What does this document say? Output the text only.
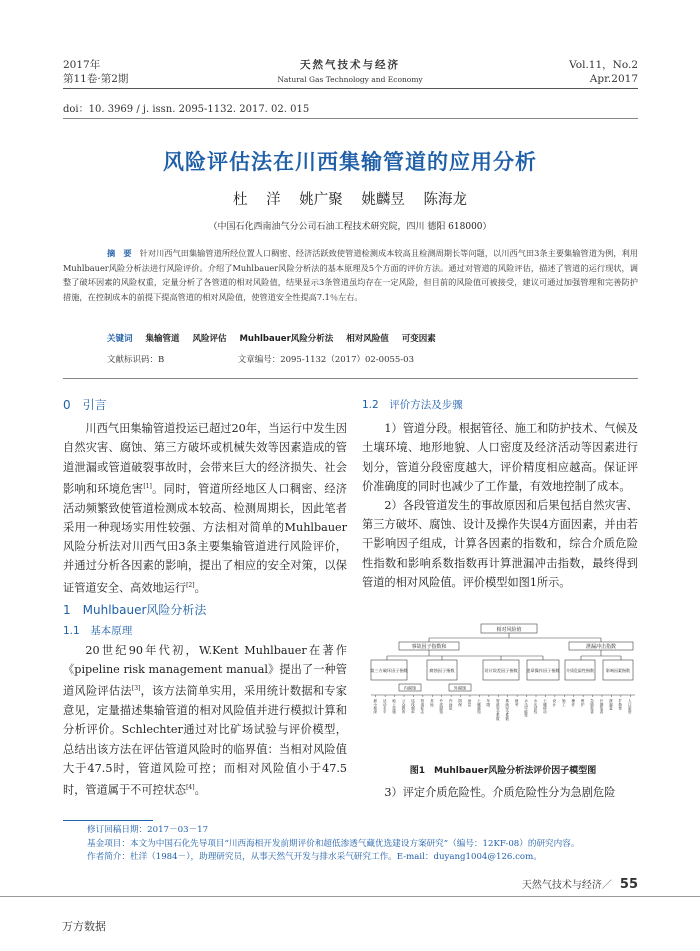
2017年
第11卷·第2期
天然气技术与经济
Natural Gas Technology and Economy
Vol.11，No.2
Apr.2017
doi：10. 3969 / j. issn. 2095-1132. 2017. 02. 015
风险评估法在川西集输管道的应用分析
杜 洋 姚广聚 姚麟昱 陈海龙
（中国石化西南油气分公司石油工程技术研究院，四川 德阳 618000）
摘　要 针对川西气田集输管道所经位置人口稠密、经济活跃致使管道检测成本较高且检测周期长等问题，以川西气田3条主要集输管道为例，利用Muhlbauer风险分析法进行风险评价。介绍了Muhlbauer风险分析法的基本原理及5个方面的评价方法。通过对管道的风险评估，描述了管道的运行现状，调整了破坏因素的风险权重，定量分析了各管道的相对风险值，结果显示3条管道虽均存在一定风险，但目前的风险值可被接受，建议可通过加强管理和完善防护措施，在控制成本的前提下提高管道的相对风险值，使管道安全性提高7.1％左右。
关键词 集输管道 风险评估 Muhlbauer风险分析法 相对风险值 可变因素
文献标识码：B	文章编号：2095-1132（2017）02-0055-03
0　引言

川西气田集输管道投运已超过20年，当运行中发生因自然灾害、腐蚀、第三方破坏或机械失效等因素造成的管道泄漏或管道破裂事故时，会带来巨大的经济损失、社会影响和环境危害[1]。同时，管道所经地区人口稠密、经济活动频繁致使管道检测成本较高、检测周期长，因此笔者采用一种现场实用性较强、方法相对简单的Muhlbauer风险分析法对川西气田3条主要集输管道进行风险评价，并通过分析各因素的影响，提出了相应的安全对策，以保证管道安全、高效地运行[2]。

1　Muhlbauer风险分析法
1.1　基本原理

20世纪90年代初，W.Kent Muhlbauer在著作《pipeline risk management manual》提出了一种管道风险评估法[3]，该方法简单实用，采用统计数据和专家意见，定量描述集输管道的相对风险值并进行模拟计算和分析评价。Schlechter通过对比矿场试验与评价模型，总结出该方法在评估管道风险时的临界值：当相对风险值大于47.5时，管道风险可控；而相对风险值小于47.5时，管道属于不可控状态[4]。

1.2　评价方法及步骤

1）管道分段。根据管径、施工和防护技术、气候及土壤环境、地形地貌、人口密度及经济活动等因素进行划分，管道分段密度越大，评价精度相应越高。保证评价准确度的同时也减少了工作量，有效地控制了成本。

2）各段管道发生的事故原因和后果包括自然灾害、第三方破坏、腐蚀、设计及操作失误4方面因素，并由若干影响因子组成，计算各因素的指数和，综合介质危险性指数和影响系数指数再计算泄漏冲击指数，最终得到管道的相对风险值。评价模型如图1所示。

相对风险值
事故因子指数和	泄漏冲击指数
第三方破坏因子指数	腐蚀因子指数	设计误差因子指数 违章操作因子指数 介质危险性指数	影响因素指数
内腐蚀	外腐蚀
最小埋深	活动水平	地上设施	公众教育	巡线频率	管道标志	其他	介质腐蚀	内涂层	阴保	涂层	土壤腐蚀	年限	管道安全系数	系统安全系数	疲劳	水击可能性	水压试验	土壤移动	设计	施工	操作	维护	急剧危害	长期危害	泄漏量	扩散性	人口密度
图1　Muhlbauer风险分析法评价因子模型图

3）评定介质危险性。介质危险性分为急剧危险

修订回稿日期：2017－03－17
基金项目：本文为中国石化先导项目“川西海相开发前期评价和超低渗透气藏优选建设方案研究”（编号：12KF-08）的研究内容。
作者简介：杜洋（1984－），助理研究员，从事天然气开发与排水采气研究工作。E-mail：duyang1004@126.com。
天然气技术与经济／ 55
万方数据
